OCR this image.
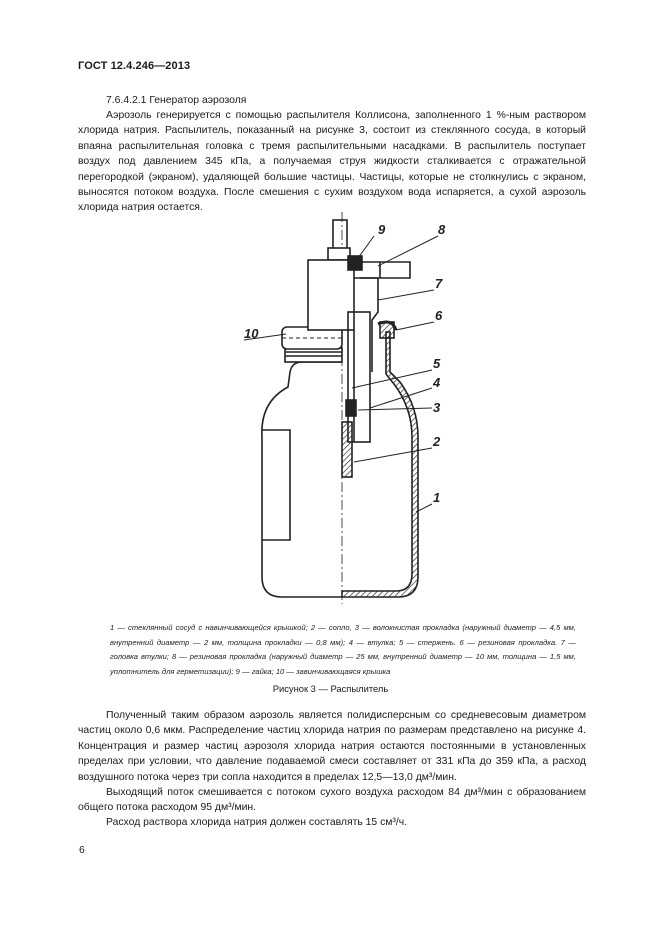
ГОСТ 12.4.246—2013
7.6.4.2.1 Генератор аэрозоля

Аэрозоль генерируется с помощью распылителя Коллисона, заполненного 1 %-ным раствором хлорида натрия. Распылитель, показанный на рисунке 3, состоит из стеклянного сосуда, в который впаяна распылительная головка с тремя распылительными насадками. В распылитель поступает воздух под давлением 345 кПа, а получаемая струя жидкости сталкивается с отражательной перегородкой (экраном), удаляющей большие частицы. Частицы, которые не столкнулись с экраном, выносятся потоком воздуха. После смешения с сухим воздухом вода испаряется, а сухой аэрозоль хлорида натрия остается.

9	8
7
6
5
4
3
2
1
10

1 — стеклянный сосуд с навинчивающейся крышкой; 2 — сопло, 3 — волокнистая прокладка (наружный диаметр — 4,5 мм, внутренний диаметр — 2 мм, толщина прокладки — 0,8 мм); 4 — втулка; 5 — стержень. 6 — резиновая прокладка. 7 — головка втулки; 8 — резиновая прокладка (наружный диаметр — 25 мм, внутренний диаметр — 10 мм, толщина — 1,5 мм, уплотнитель для герметизации); 9 — гайка; 10 — завинчивающаяся крышка

Рисунок 3 — Распылитель

Полученный таким образом аэрозоль является полидисперсным со средневесовым диаметром частиц около 0,6 мкм. Распределение частиц хлорида натрия по размерам представлено на рисунке 4. Концентрация и размер частиц аэрозоля хлорида натрия остаются постоянными в установленных пределах при условии, что давление подаваемой смеси составляет от 331 кПа до 359 кПа, а расход воздушного потока через три сопла находится в пределах 12,5—13,0 дм³/мин.

Выходящий поток смешивается с потоком сухого воздуха расходом 84 дм³/мин с образованием общего потока расходом 95 дм³/мин.

Расход раствора хлорида натрия должен составлять 15 см³/ч.

6
